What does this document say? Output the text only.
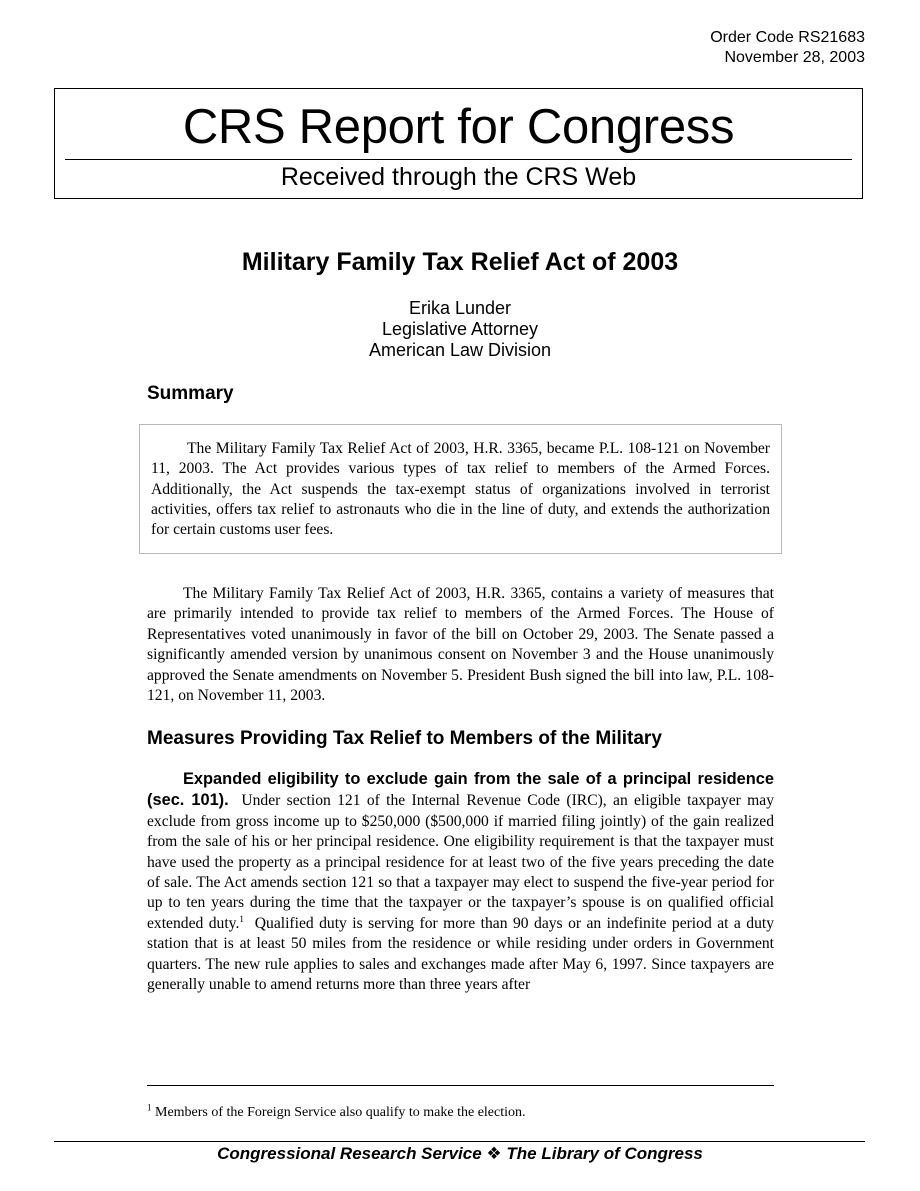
Order Code RS21683
November 28, 2003
CRS Report for Congress
Received through the CRS Web
Military Family Tax Relief Act of 2003
Erika Lunder
Legislative Attorney
American Law Division
Summary
The Military Family Tax Relief Act of 2003, H.R. 3365, became P.L. 108-121 on November 11, 2003. The Act provides various types of tax relief to members of the Armed Forces. Additionally, the Act suspends the tax-exempt status of organizations involved in terrorist activities, offers tax relief to astronauts who die in the line of duty, and extends the authorization for certain customs user fees.
The Military Family Tax Relief Act of 2003, H.R. 3365, contains a variety of measures that are primarily intended to provide tax relief to members of the Armed Forces. The House of Representatives voted unanimously in favor of the bill on October 29, 2003. The Senate passed a significantly amended version by unanimous consent on November 3 and the House unanimously approved the Senate amendments on November 5. President Bush signed the bill into law, P.L. 108-121, on November 11, 2003.
Measures Providing Tax Relief to Members of the Military
Expanded eligibility to exclude gain from the sale of a principal residence (sec. 101). Under section 121 of the Internal Revenue Code (IRC), an eligible taxpayer may exclude from gross income up to $250,000 ($500,000 if married filing jointly) of the gain realized from the sale of his or her principal residence. One eligibility requirement is that the taxpayer must have used the property as a principal residence for at least two of the five years preceding the date of sale. The Act amends section 121 so that a taxpayer may elect to suspend the five-year period for up to ten years during the time that the taxpayer or the taxpayer’s spouse is on qualified official extended duty.$^1$ Qualified duty is serving for more than 90 days or an indefinite period at a duty station that is at least 50 miles from the residence or while residing under orders in Government quarters. The new rule applies to sales and exchanges made after May 6, 1997. Since taxpayers are generally unable to amend returns more than three years after
$^1$ Members of the Foreign Service also qualify to make the election.
Congressional Research Service ❖ The Library of Congress
